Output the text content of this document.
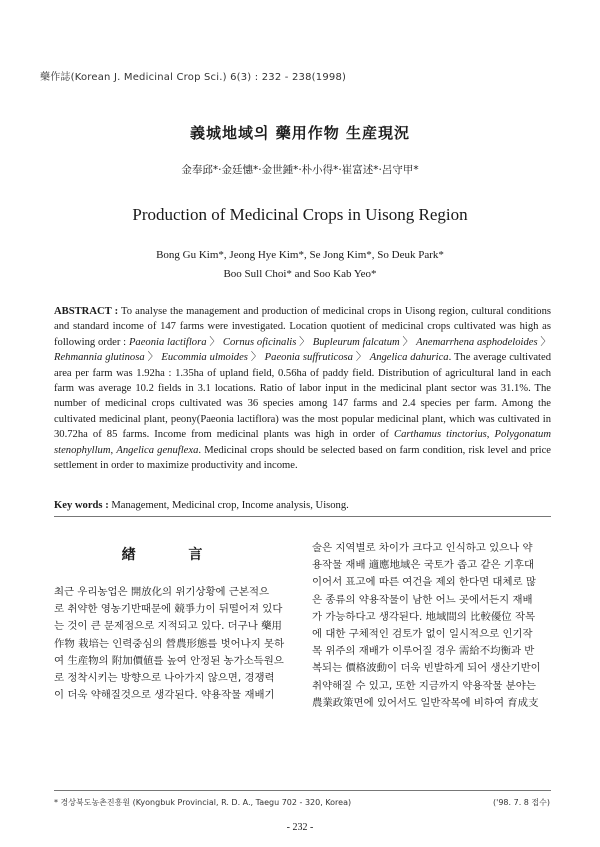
藥作誌(Korean J. Medicinal Crop Sci.) 6(3) : 232 - 238(1998)
義城地域의 藥用作物 生産現況
金奉邱*·金廷憓*·金世鍾*·朴小得*·崔富述*·呂守甲*
Production of Medicinal Crops in Uisong Region
Bong Gu Kim*, Jeong Hye Kim*, Se Jong Kim*, So Deuk Park*
Boo Sull Choi* and Soo Kab Yeo*
ABSTRACT : To analyse the management and production of medicinal crops in Uisong region, cultural conditions and standard income of 147 farms were investigated. Location quotient of medicinal crops cultivated was high as following order : Paeonia lactiflora 〉 Cornus oficinalis 〉 Bupleurum falcatum 〉 Anemarrhena asphodeloides 〉 Rehmannia glutinosa 〉 Eucommia ulmoides 〉 Paeonia suffruticosa 〉 Angelica dahurica. The average cultivated area per farm was 1.92ha : 1.35ha of upland field, 0.56ha of paddy field. Distribution of agricultural land in each farm was average 10.2 fields in 3.1 locations. Ratio of labor input in the medicinal plant sector was 31.1%. The number of medicinal crops cultivated was 36 species among 147 farms and 2.4 species per farm. Among the cultivated medicinal plant, peony(Paeonia lactiflora) was the most popular medicinal plant, which was cultivated in 30.72ha of 85 farms. Income from medicinal plants was high in order of Carthamus tinctorius, Polygonatum stenophyllum, Angelica genuflexa. Medicinal crops should be selected based on farm condition, risk level and price settlement in order to maximize productivity and income.
Key words : Management, Medicinal crop, Income analysis, Uisong.
緖 言
최근 우리농업은 開放化의 위기상황에 근본적으
로 취약한 영농기반때문에 競爭力이 뒤떨어져 있다
는 것이 큰 문제점으로 지적되고 있다. 더구나 藥用
作物 栽培는 인력중심의 營農形態를 벗어나지 못하
여 生産物의 附加價値를 높여 안정된 농가소득원으
로 정착시키는 방향으로 나아가지 않으면, 경쟁력
이 더욱 약해질것으로 생각된다. 약용작물 재배기
술은 지역별로 차이가 크다고 인식하고 있으나 약
용작물 재배 適應地域은 국토가 좁고 같은 기후대
이어서 표고에 따른 여건을 제외 한다면 대체로 많
은 종류의 약용작물이 남한 어느 곳에서든지 재배
가 가능하다고 생각된다. 地域間의 比較優位 작목
에 대한 구체적인 검토가 없이 일시적으로 인기작
목 위주의 재배가 이루어질 경우 需給不均衡과 반
복되는 價格波動이 더욱 빈발하게 되어 생산기반이
취약해질 수 있고, 또한 지금까지 약용작물 분야는
農業政策면에 있어서도 일반작목에 비하여 育成支
* 경상북도농촌진흥원 (Kyongbuk Provincial, R. D. A., Taegu 702 - 320, Korea)	('98. 7. 8 접수)
- 232 -
